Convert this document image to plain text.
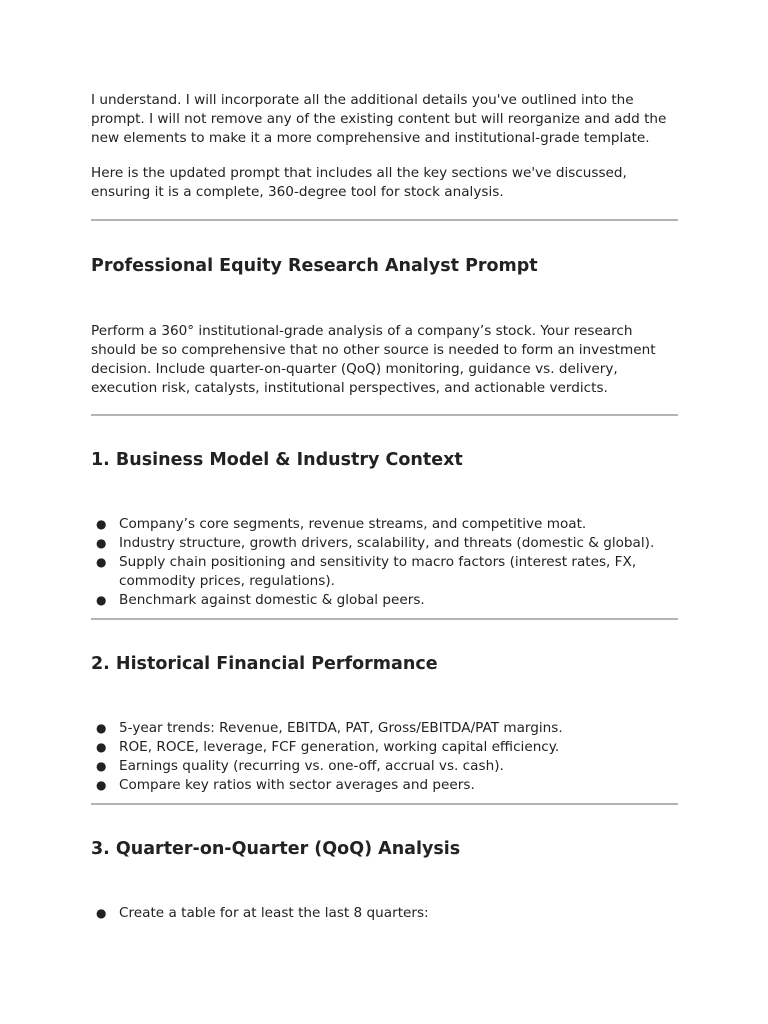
I understand. I will incorporate all the additional details you've outlined into the prompt. I will not remove any of the existing content but will reorganize and add the new elements to make it a more comprehensive and institutional-grade template.

Here is the updated prompt that includes all the key sections we've discussed, ensuring it is a complete, 360-degree tool for stock analysis.

Professional Equity Research Analyst Prompt

Perform a 360° institutional-grade analysis of a company’s stock. Your research should be so comprehensive that no other source is needed to form an investment decision. Include quarter-on-quarter (QoQ) monitoring, guidance vs. delivery, execution risk, catalysts, institutional perspectives, and actionable verdicts.

1. Business Model & Industry Context
● Company’s core segments, revenue streams, and competitive moat.
● Industry structure, growth drivers, scalability, and threats (domestic & global).
● Supply chain positioning and sensitivity to macro factors (interest rates, FX, commodity prices, regulations).
● Benchmark against domestic & global peers.
2. Historical Financial Performance
● 5-year trends: Revenue, EBITDA, PAT, Gross/EBITDA/PAT margins.
● ROE, ROCE, leverage, FCF generation, working capital efficiency.
● Earnings quality (recurring vs. one-off, accrual vs. cash).
● Compare key ratios with sector averages and peers.
3. Quarter-on-Quarter (QoQ) Analysis
● Create a table for at least the last 8 quarters:
